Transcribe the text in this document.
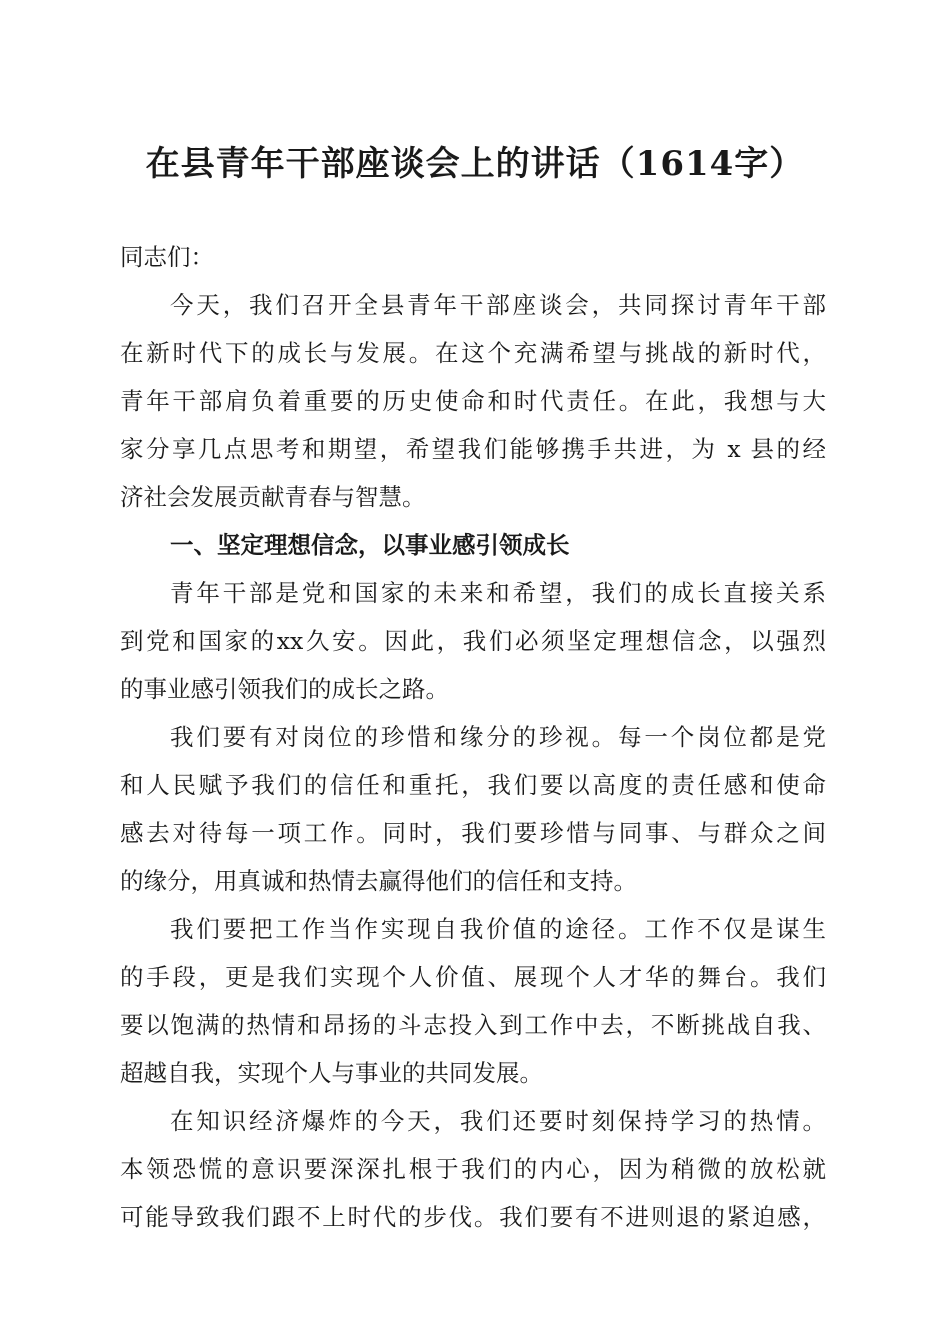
在县青年干部座谈会上的讲话（1614字）
同志们：
今天，我们召开全县青年干部座谈会，共同探讨青年干部
在新时代下的成长与发展。在这个充满希望与挑战的新时代，
青年干部肩负着重要的历史使命和时代责任。在此，我想与大
家分享几点思考和期望，希望我们能够携手共进，为 x 县的经
济社会发展贡献青春与智慧。
一、坚定理想信念，以事业感引领成长
青年干部是党和国家的未来和希望，我们的成长直接关系
到党和国家的xx久安。因此，我们必须坚定理想信念，以强烈
的事业感引领我们的成长之路。
我们要有对岗位的珍惜和缘分的珍视。每一个岗位都是党
和人民赋予我们的信任和重托，我们要以高度的责任感和使命
感去对待每一项工作。同时，我们要珍惜与同事、与群众之间
的缘分，用真诚和热情去赢得他们的信任和支持。
我们要把工作当作实现自我价值的途径。工作不仅是谋生
的手段，更是我们实现个人价值、展现个人才华的舞台。我们
要以饱满的热情和昂扬的斗志投入到工作中去，不断挑战自我、
超越自我，实现个人与事业的共同发展。
在知识经济爆炸的今天，我们还要时刻保持学习的热情。
本领恐慌的意识要深深扎根于我们的内心，因为稍微的放松就
可能导致我们跟不上时代的步伐。我们要有不进则退的紧迫感，
